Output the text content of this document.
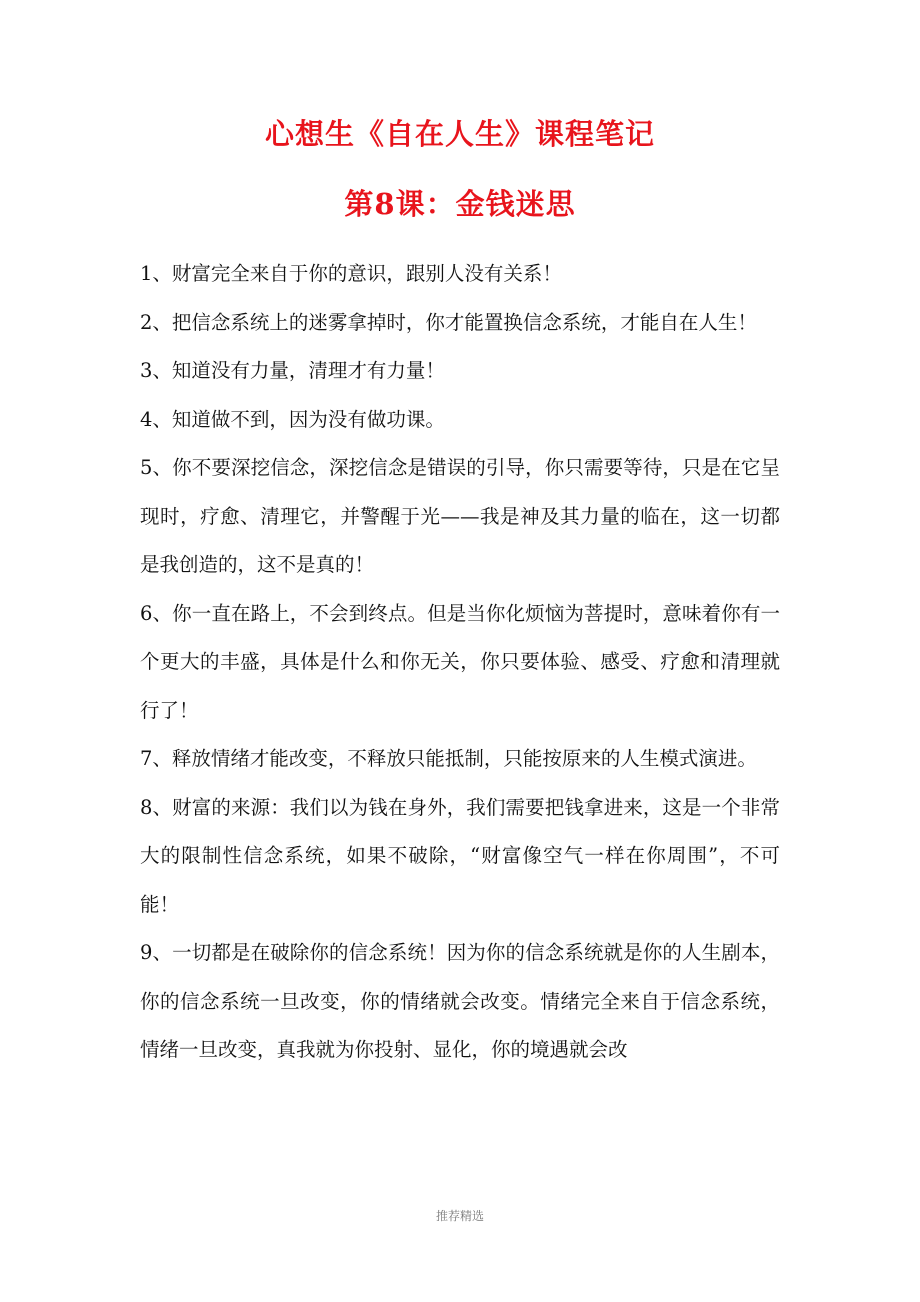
心想生《自在人生》课程笔记
第8课：金钱迷思

1、财富完全来自于你的意识，跟别人没有关系！

2、把信念系统上的迷雾拿掉时，你才能置换信念系统，才能自在人生！

3、知道没有力量，清理才有力量！

4、知道做不到，因为没有做功课。

5、你不要深挖信念，深挖信念是错误的引导，你只需要等待，只是在它呈现时，疗愈、清理它，并警醒于光——我是神及其力量的临在，这一切都是我创造的，这不是真的！

6、你一直在路上，不会到终点。但是当你化烦恼为菩提时，意味着你有一个更大的丰盛，具体是什么和你无关，你只要体验、感受、疗愈和清理就行了！

7、释放情绪才能改变，不释放只能抵制，只能按原来的人生模式演进。

8、财富的来源：我们以为钱在身外，我们需要把钱拿进来，这是一个非常大的限制性信念系统，如果不破除，“财富像空气一样在你周围”，不可能！

9、一切都是在破除你的信念系统！因为你的信念系统就是你的人生剧本，你的信念系统一旦改变，你的情绪就会改变。情绪完全来自于信念系统，情绪一旦改变，真我就为你投射、显化，你的境遇就会改

推荐精选
